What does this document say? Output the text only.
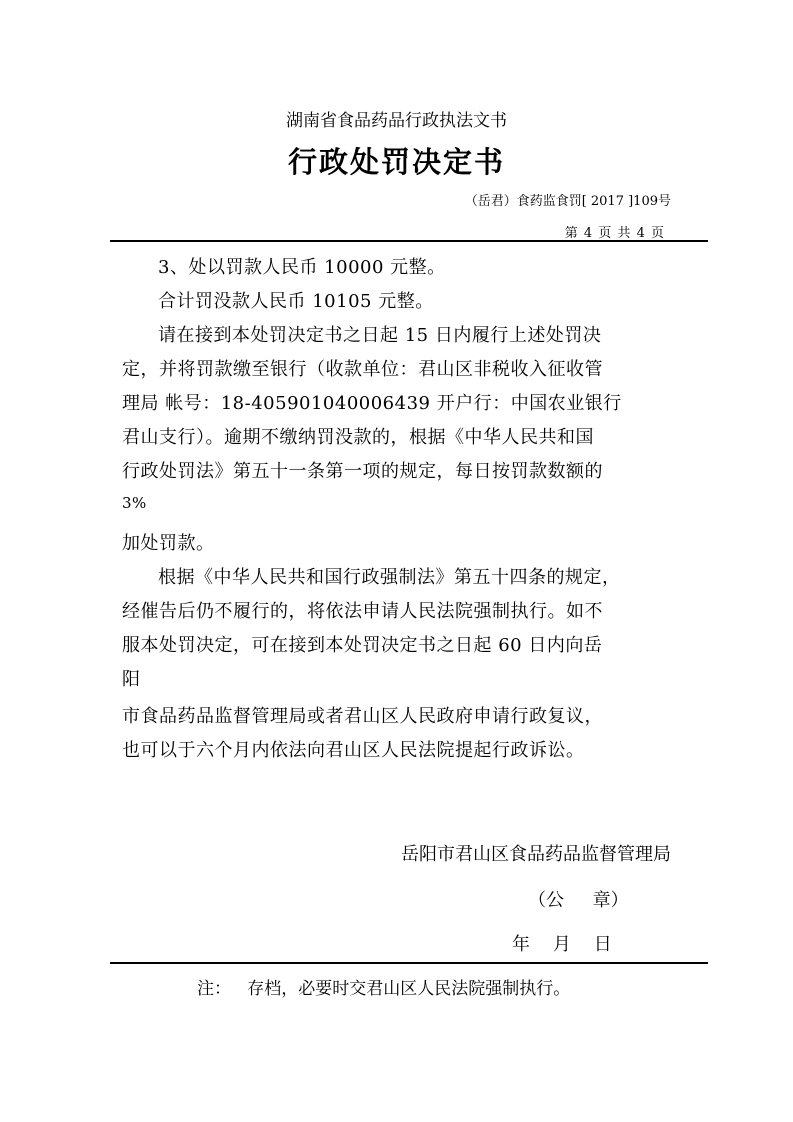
湖南省食品药品行政执法文书
行政处罚决定书
（岳君）食药监食罚[ 2017 ]109号
第 4 页 共 4 页
3、处以罚款人民币 10000 元整。
合计罚没款人民币 10105 元整。
请在接到本处罚决定书之日起 15 日内履行上述处罚决
定，并将罚款缴至银行（收款单位：君山区非税收入征收管
理局 帐号：18-405901040006439 开户行：中国农业银行
君山支行）。逾期不缴纳罚没款的，根据《中华人民共和国
行政处罚法》第五十一条第一项的规定，每日按罚款数额的
3%
加处罚款。
根据《中华人民共和国行政强制法》第五十四条的规定，
经催告后仍不履行的，将依法申请人民法院强制执行。如不
服本处罚决定，可在接到本处罚决定书之日起 60 日内向岳
阳
市食品药品监督管理局或者君山区人民政府申请行政复议，
也可以于六个月内依法向君山区人民法院提起行政诉讼。
岳阳市君山区食品药品监督管理局
（公     章）
年    月    日
注：   存档，必要时交君山区人民法院强制执行。
